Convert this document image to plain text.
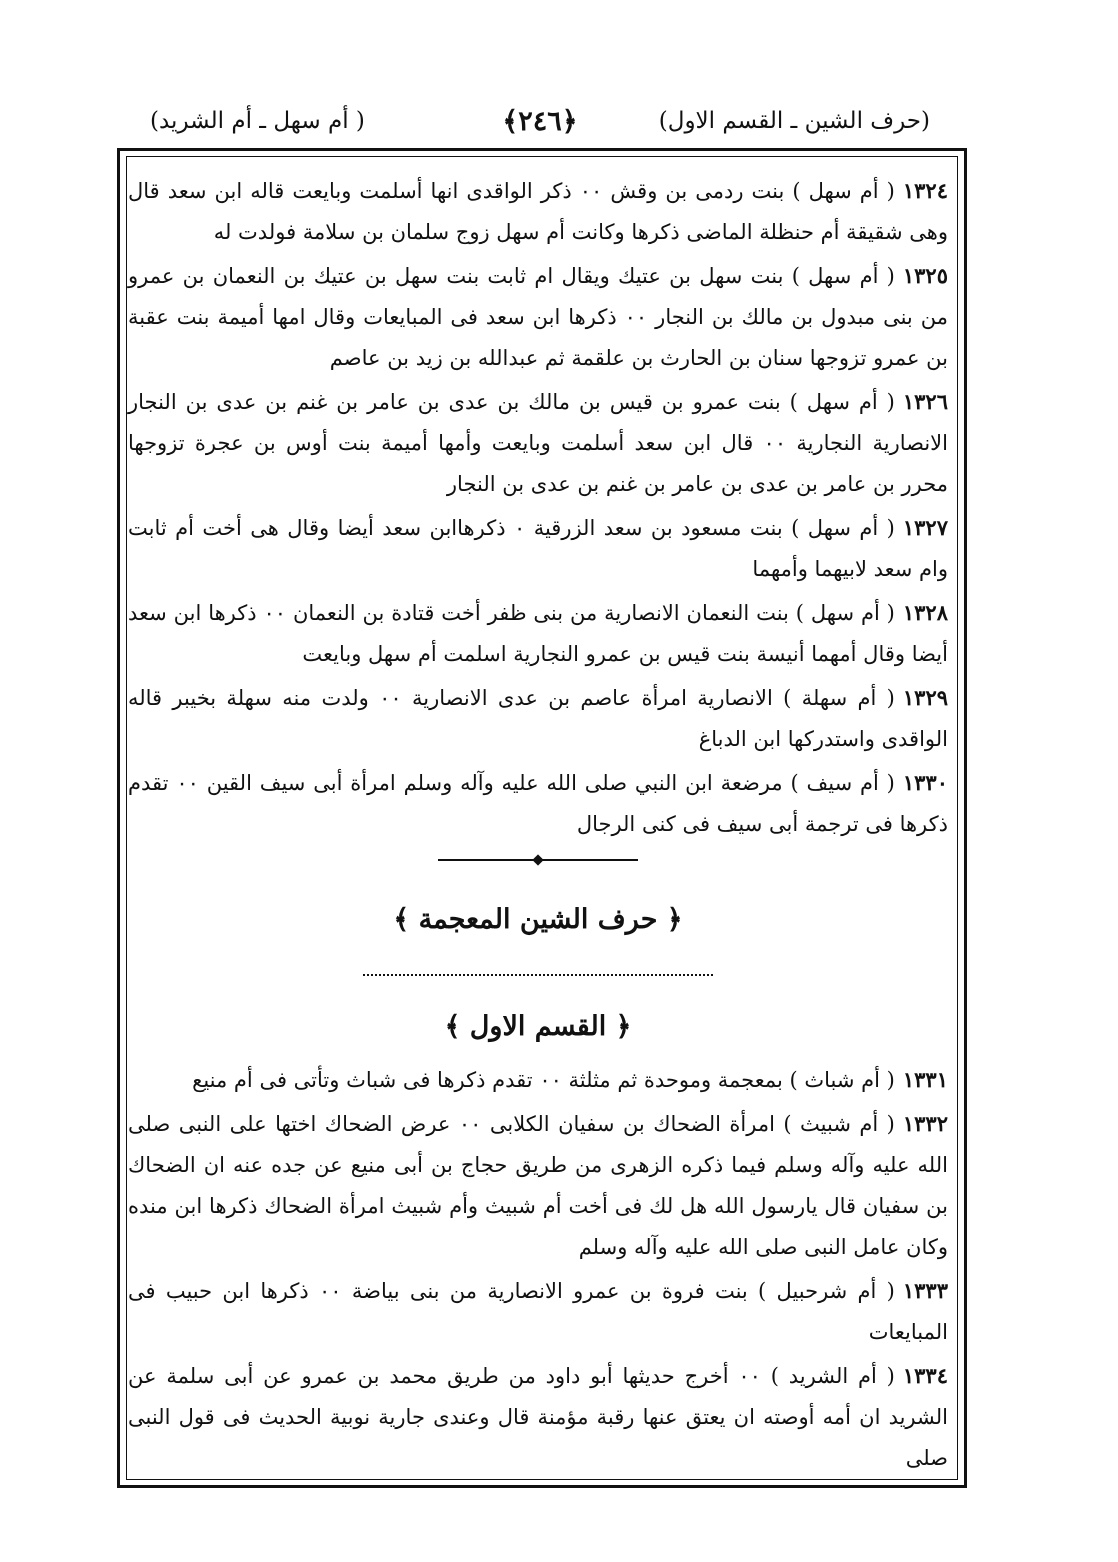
(حرف الشين ـ القسم الاول)
﴿٢٤٦﴾
( أم سهل ـ أم الشريد)

١٣٢٤( أم سهل ) بنت ردمى بن وقش ٠٠ ذكر الواقدى انها أسلمت وبايعت قاله ابن سعد قال وهى شقيقة أم حنظلة الماضى ذكرها وكانت أم سهل زوج سلمان بن سلامة فولدت له

١٣٢٥( أم سهل ) بنت سهل بن عتيك ويقال ام ثابت بنت سهل بن عتيك بن النعمان بن عمرو من بنى مبدول بن مالك بن النجار ٠٠ ذكرها ابن سعد فى المبايعات وقال امها أميمة بنت عقبة بن عمرو تزوجها سنان بن الحارث بن علقمة ثم عبدالله بن زيد بن عاصم

١٣٢٦( أم سهل ) بنت عمرو بن قيس بن مالك بن عدى بن عامر بن غنم بن عدى بن النجار الانصارية النجارية ٠٠ قال ابن سعد أسلمت وبايعت وأمها أميمة بنت أوس بن عجرة تزوجها محرر بن عامر بن عدى بن عامر بن غنم بن عدى بن النجار

١٣٢٧( أم سهل ) بنت مسعود بن سعد الزرقية ٠ ذكرهاابن سعد أيضا وقال هى أخت أم ثابت وام سعد لابيهما وأمهما

١٣٢٨( أم سهل ) بنت النعمان الانصارية من بنى ظفر أخت قتادة بن النعمان ٠٠ ذكرها ابن سعد أيضا وقال أمهما أنيسة بنت قيس بن عمرو النجارية اسلمت أم سهل وبايعت

١٣٢٩( أم سهلة ) الانصارية امرأة عاصم بن عدى الانصارية ٠٠ ولدت منه سهلة بخيبر قاله الواقدى واستدركها ابن الدباغ

١٣٣٠( أم سيف ) مرضعة ابن النبي صلى الله عليه وآله وسلم امرأة أبى سيف القين ٠٠ تقدم ذكرها فى ترجمة أبى سيف فى كنى الرجال

﴿ حرف الشين المعجمة ﴾

﴿ القسم الاول ﴾

١٣٣١( أم شباث ) بمعجمة وموحدة ثم مثلثة ٠٠ تقدم ذكرها فى شباث وتأتى فى أم منيع

١٣٣٢( أم شبيث ) امرأة الضحاك بن سفيان الكلابى ٠٠ عرض الضحاك اختها على النبى صلى الله عليه وآله وسلم فيما ذكره الزهرى من طريق حجاج بن أبى منيع عن جده عنه ان الضحاك بن سفيان قال يارسول الله هل لك فى أخت أم شبيث وأم شبيث امرأة الضحاك ذكرها ابن منده وكان عامل النبى صلى الله عليه وآله وسلم

١٣٣٣( أم شرحبيل ) بنت فروة بن عمرو الانصارية من بنى بياضة ٠٠ ذكرها ابن حبيب فى المبايعات

١٣٣٤( أم الشريد ) ٠٠ أخرج حديثها أبو داود من طريق محمد بن عمرو عن أبى سلمة عن الشريد ان أمه أوصته ان يعتق عنها رقبة مؤمنة قال وعندى جارية نوبية الحديث فى قول النبى صلى
